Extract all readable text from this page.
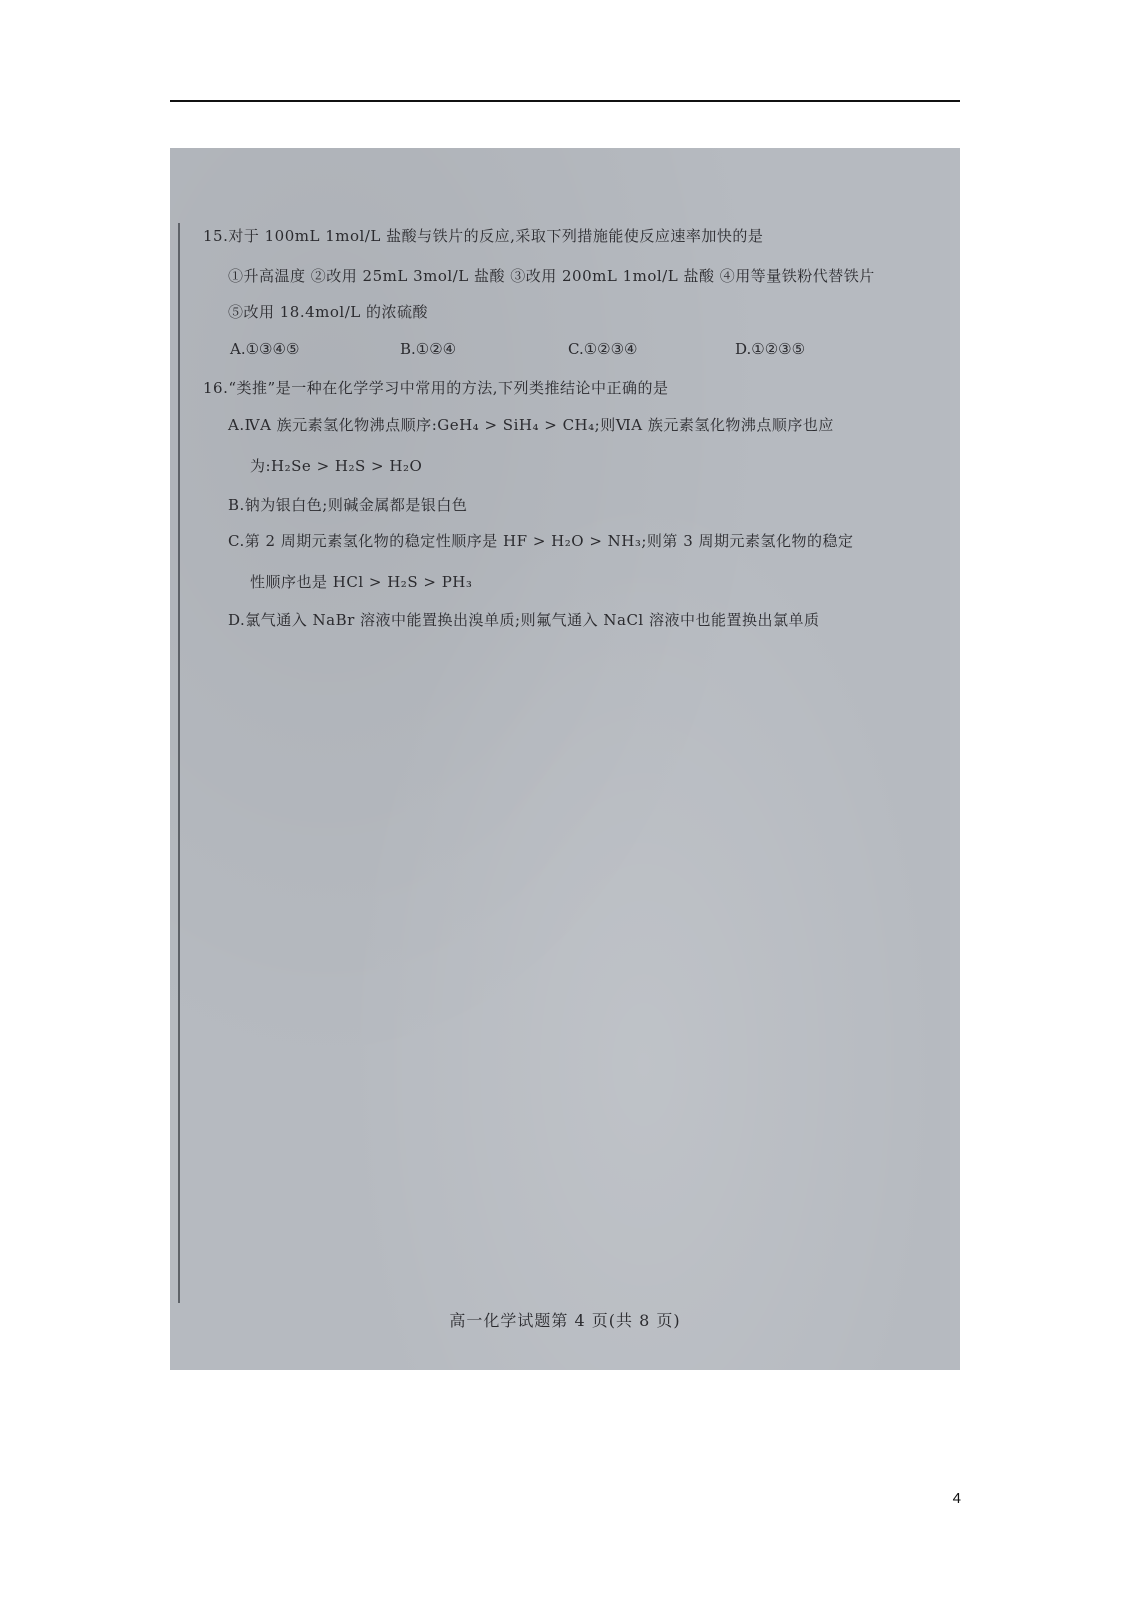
15.对于 100mL 1mol/L 盐酸与铁片的反应,采取下列措施能使反应速率加快的是
①升高温度 ②改用 25mL 3mol/L 盐酸 ③改用 200mL 1mol/L 盐酸 ④用等量铁粉代替铁片
⑤改用 18.4mol/L 的浓硫酸
A.①③④⑤	B.①②④	C.①②③④	D.①②③⑤
16.“类推”是一种在化学学习中常用的方法,下列类推结论中正确的是
A.ⅣA 族元素氢化物沸点顺序:GeH₄ > SiH₄ > CH₄;则ⅥA 族元素氢化物沸点顺序也应
为:H₂Se > H₂S > H₂O
B.钠为银白色;则碱金属都是银白色
C.第 2 周期元素氢化物的稳定性顺序是 HF > H₂O > NH₃;则第 3 周期元素氢化物的稳定
性顺序也是 HCl > H₂S > PH₃
D.氯气通入 NaBr 溶液中能置换出溴单质;则氟气通入 NaCl 溶液中也能置换出氯单质
高一化学试题第 4 页(共 8 页)
4
